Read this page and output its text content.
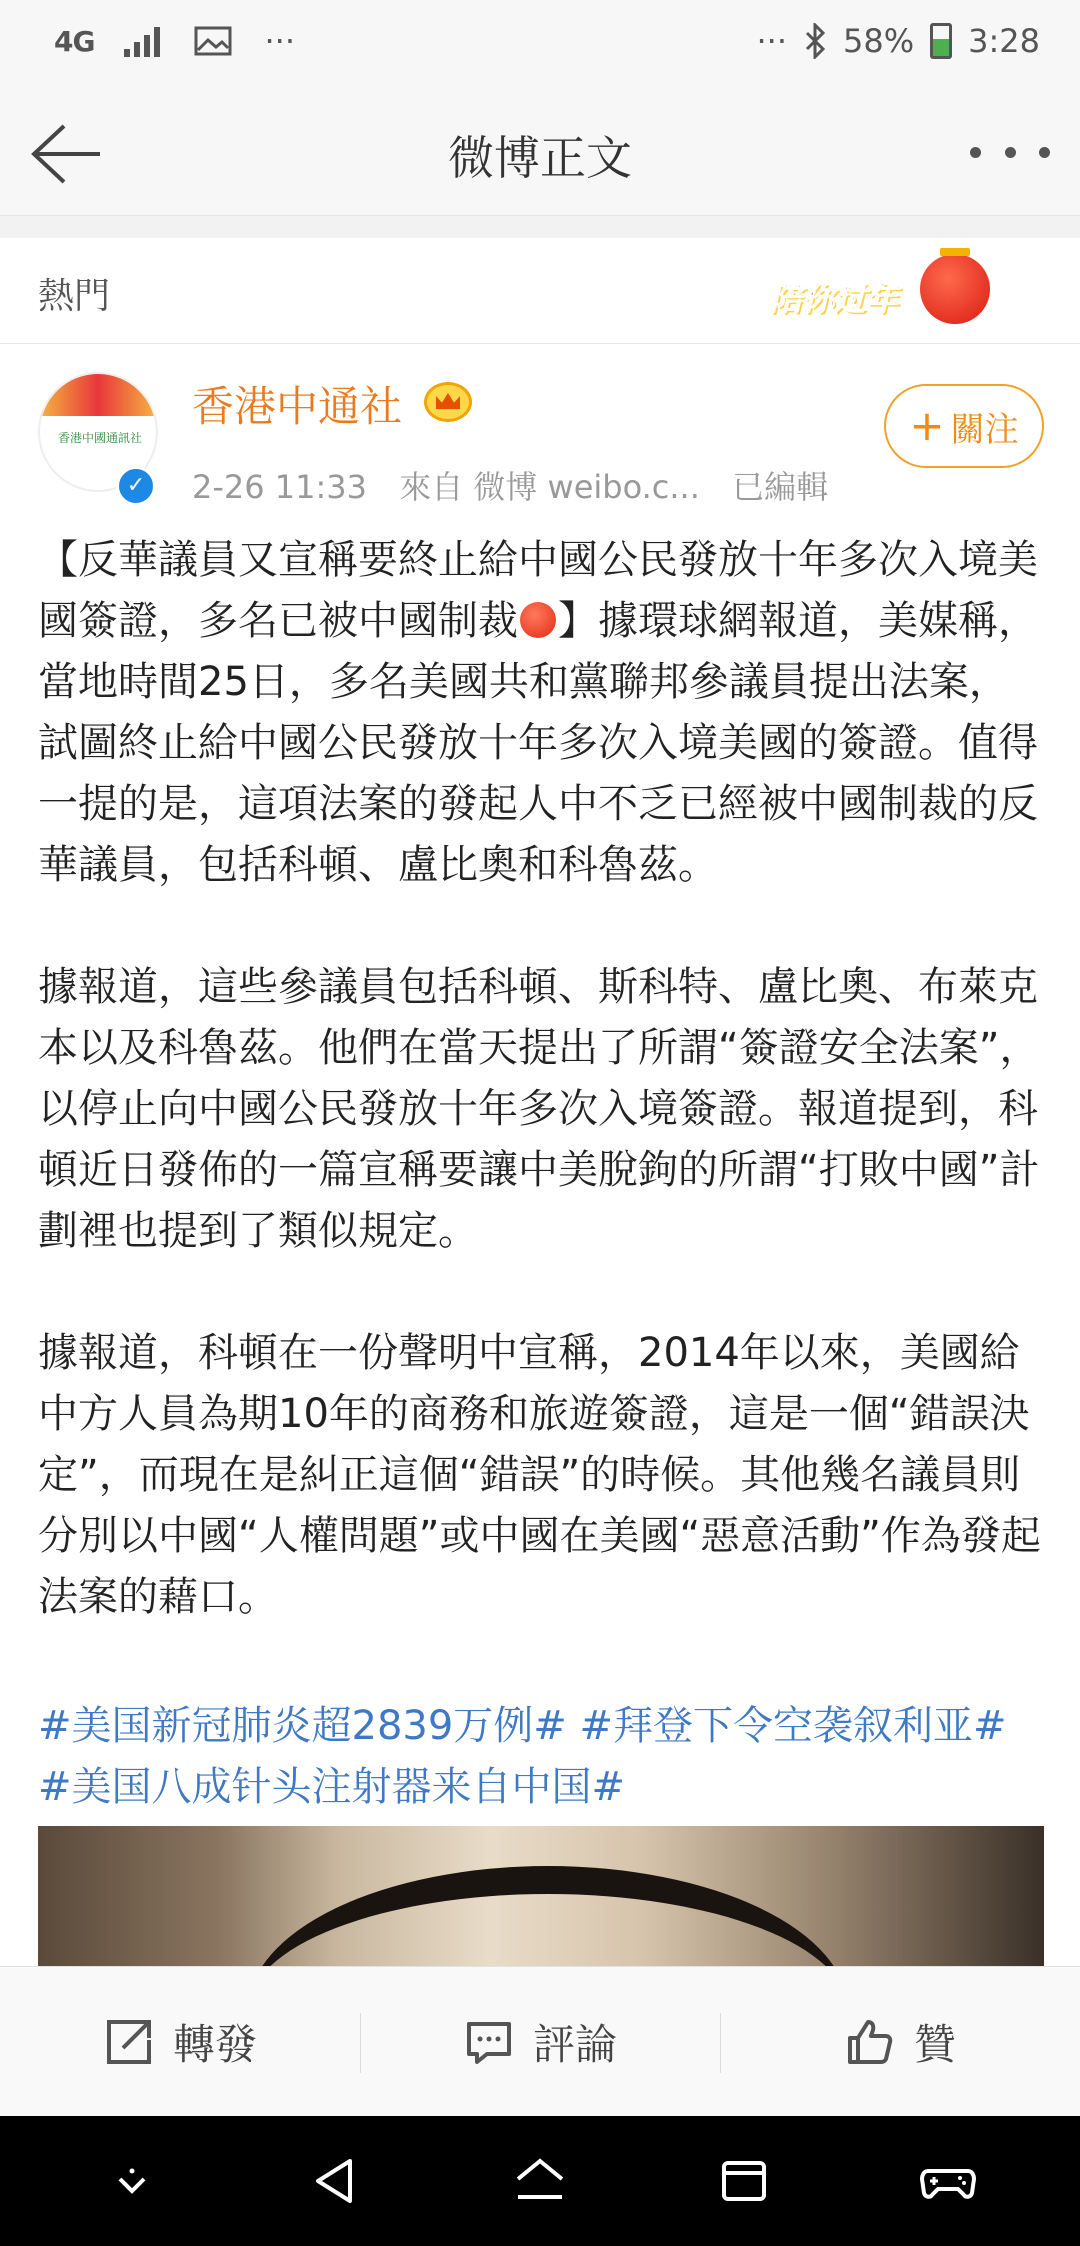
4G	···	··· 58% 3:28
微博正文
熱門	陪你过年
香港中國通訊社
✓
香港中通社
2-26 11:33 來自 微博 weibo.c... 已編輯
+ 關注

【反華議員又宣稱要終止給中國公民發放十年多次入境美國簽證，多名已被中國制裁 】據環球網報道，美媒稱，當地時間25日，多名美國共和黨聯邦參議員提出法案，試圖終止給中國公民發放十年多次入境美國的簽證。值得一提的是，這項法案的發起人中不乏已經被中國制裁的反華議員，包括科頓、盧比奧和科魯茲。

據報道，這些參議員包括科頓、斯科特、盧比奧、布萊克本以及科魯茲。他們在當天提出了所謂“簽證安全法案”，以停止向中國公民發放十年多次入境簽證。報道提到，科頓近日發佈的一篇宣稱要讓中美脫鉤的所謂“打敗中國”計劃裡也提到了類似規定。

據報道，科頓在一份聲明中宣稱，2014年以來，美國給中方人員為期10年的商務和旅遊簽證，這是一個“錯誤決定”，而現在是糾正這個“錯誤”的時候。其他幾名議員則分別以中國“人權問題”或中國在美國“惡意活動”作為發起法案的藉口。

#美国新冠肺炎超2839万例# #拜登下令空袭叙利亚# #美国八成针头注射器来自中国#
轉發	評論	贊
